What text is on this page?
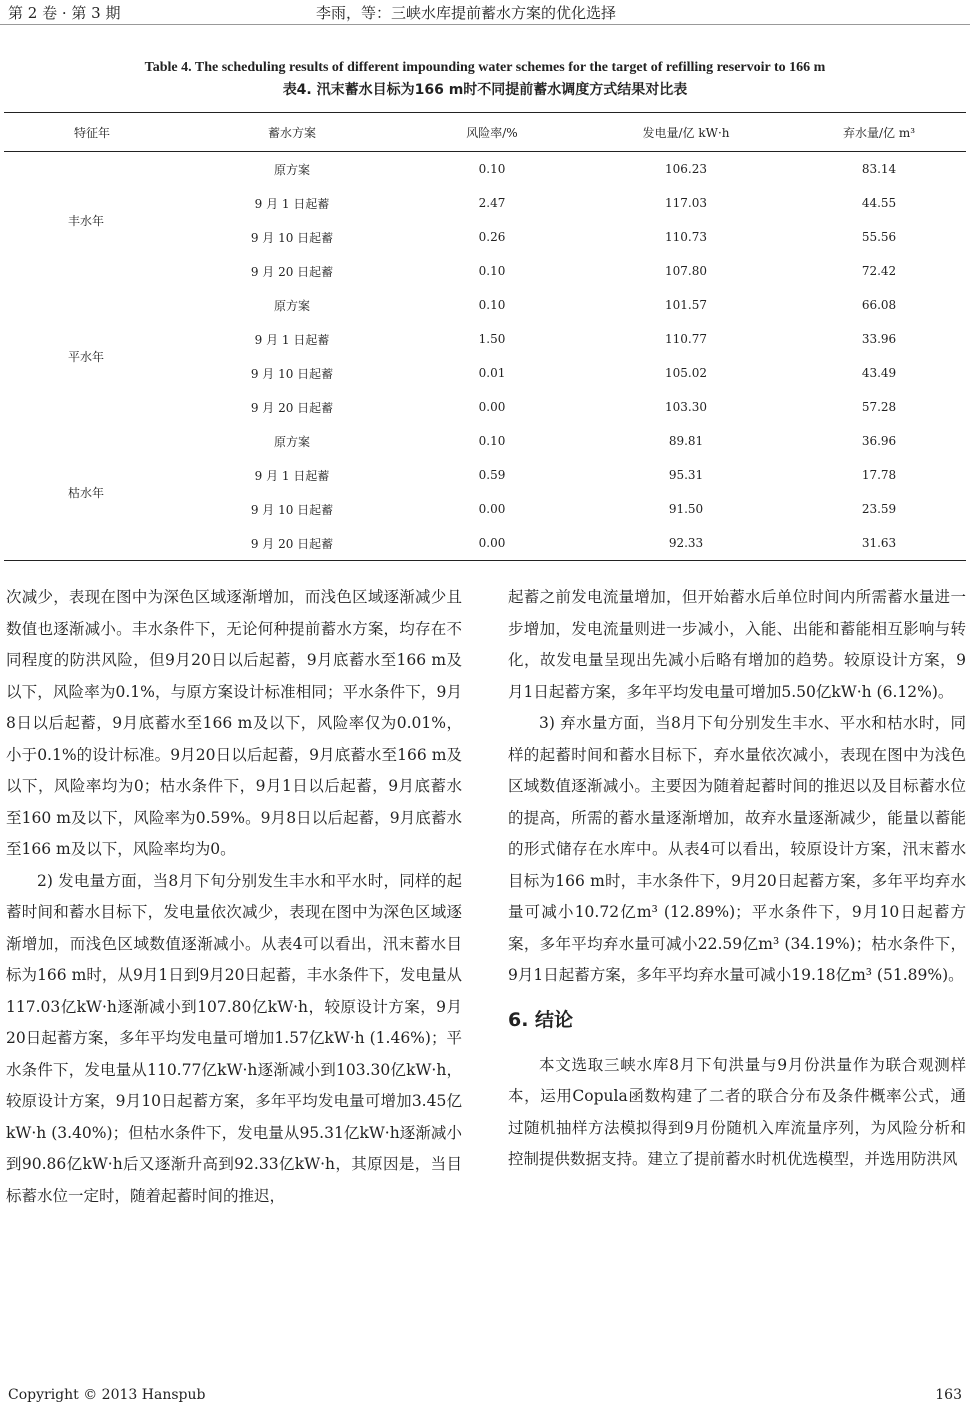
第 2 卷 · 第 3 期	李雨，等：三峡水库提前蓄水方案的优化选择
Table 4. The scheduling results of different impounding water schemes for the target of refilling reservoir to 166 m
表4. 汛末蓄水目标为166 m时不同提前蓄水调度方式结果对比表
特征年	蓄水方案	风险率/%	发电量/亿 kW·h	弃水量/亿 m³
丰水年	原方案	0.10	106.23	83.14
	9 月 1 日起蓄	2.47	117.03	44.55
	9 月 10 日起蓄	0.26	110.73	55.56
	9 月 20 日起蓄	0.10	107.80	72.42
平水年	原方案	0.10	101.57	66.08
	9 月 1 日起蓄	1.50	110.77	33.96
	9 月 10 日起蓄	0.01	105.02	43.49
	9 月 20 日起蓄	0.00	103.30	57.28
枯水年	原方案	0.10	89.81	36.96
	9 月 1 日起蓄	0.59	95.31	17.78
	9 月 10 日起蓄	0.00	91.50	23.59
	9 月 20 日起蓄	0.00	92.33	31.63

次减少，表现在图中为深色区域逐渐增加，而浅色区域逐渐减少且数值也逐渐减小。丰水条件下，无论何种提前蓄水方案，均存在不同程度的防洪风险，但9月20日以后起蓄，9月底蓄水至166 m及以下，风险率为0.1%，与原方案设计标准相同；平水条件下，9月8日以后起蓄，9月底蓄水至166 m及以下，风险率仅为0.01%，小于0.1%的设计标准。9月20日以后起蓄，9月底蓄水至166 m及以下，风险率均为0；枯水条件下，9月1日以后起蓄，9月底蓄水至160 m及以下，风险率为0.59%。9月8日以后起蓄，9月底蓄水至166 m及以下，风险率均为0。

2) 发电量方面，当8月下旬分别发生丰水和平水时，同样的起蓄时间和蓄水目标下，发电量依次减少，表现在图中为深色区域逐渐增加，而浅色区域数值逐渐减小。从表4可以看出，汛末蓄水目标为166 m时，从9月1日到9月20日起蓄，丰水条件下，发电量从117.03亿kW·h逐渐减小到107.80亿kW·h，较原设计方案，9月20日起蓄方案，多年平均发电量可增加1.57亿kW·h (1.46%)；平水条件下，发电量从110.77亿kW·h逐渐减小到103.30亿kW·h，较原设计方案，9月10日起蓄方案，多年平均发电量可增加3.45亿kW·h (3.40%)；但枯水条件下，发电量从95.31亿kW·h逐渐减小到90.86亿kW·h后又逐渐升高到92.33亿kW·h，其原因是，当目标蓄水位一定时，随着起蓄时间的推迟，

起蓄之前发电流量增加，但开始蓄水后单位时间内所需蓄水量进一步增加，发电流量则进一步减小，入能、出能和蓄能相互影响与转化，故发电量呈现出先减小后略有增加的趋势。较原设计方案，9月1日起蓄方案，多年平均发电量可增加5.50亿kW·h (6.12%)。

3) 弃水量方面，当8月下旬分别发生丰水、平水和枯水时，同样的起蓄时间和蓄水目标下，弃水量依次减小，表现在图中为浅色区域数值逐渐减小。主要因为随着起蓄时间的推迟以及目标蓄水位的提高，所需的蓄水量逐渐增加，故弃水量逐渐减少，能量以蓄能的形式储存在水库中。从表4可以看出，较原设计方案，汛末蓄水目标为166 m时，丰水条件下，9月20日起蓄方案，多年平均弃水量可减小10.72亿m³ (12.89%)；平水条件下，9月10日起蓄方案，多年平均弃水量可减小22.59亿m³ (34.19%)；枯水条件下，9月1日起蓄方案，多年平均弃水量可减小19.18亿m³ (51.89%)。

6. 结论

本文选取三峡水库8月下旬洪量与9月份洪量作为联合观测样本，运用Copula函数构建了二者的联合分布及条件概率公式，通过随机抽样方法模拟得到9月份随机入库流量序列，为风险分析和控制提供数据支持。建立了提前蓄水时机优选模型，并选用防洪风

Copyright © 2013 Hanspub	163
